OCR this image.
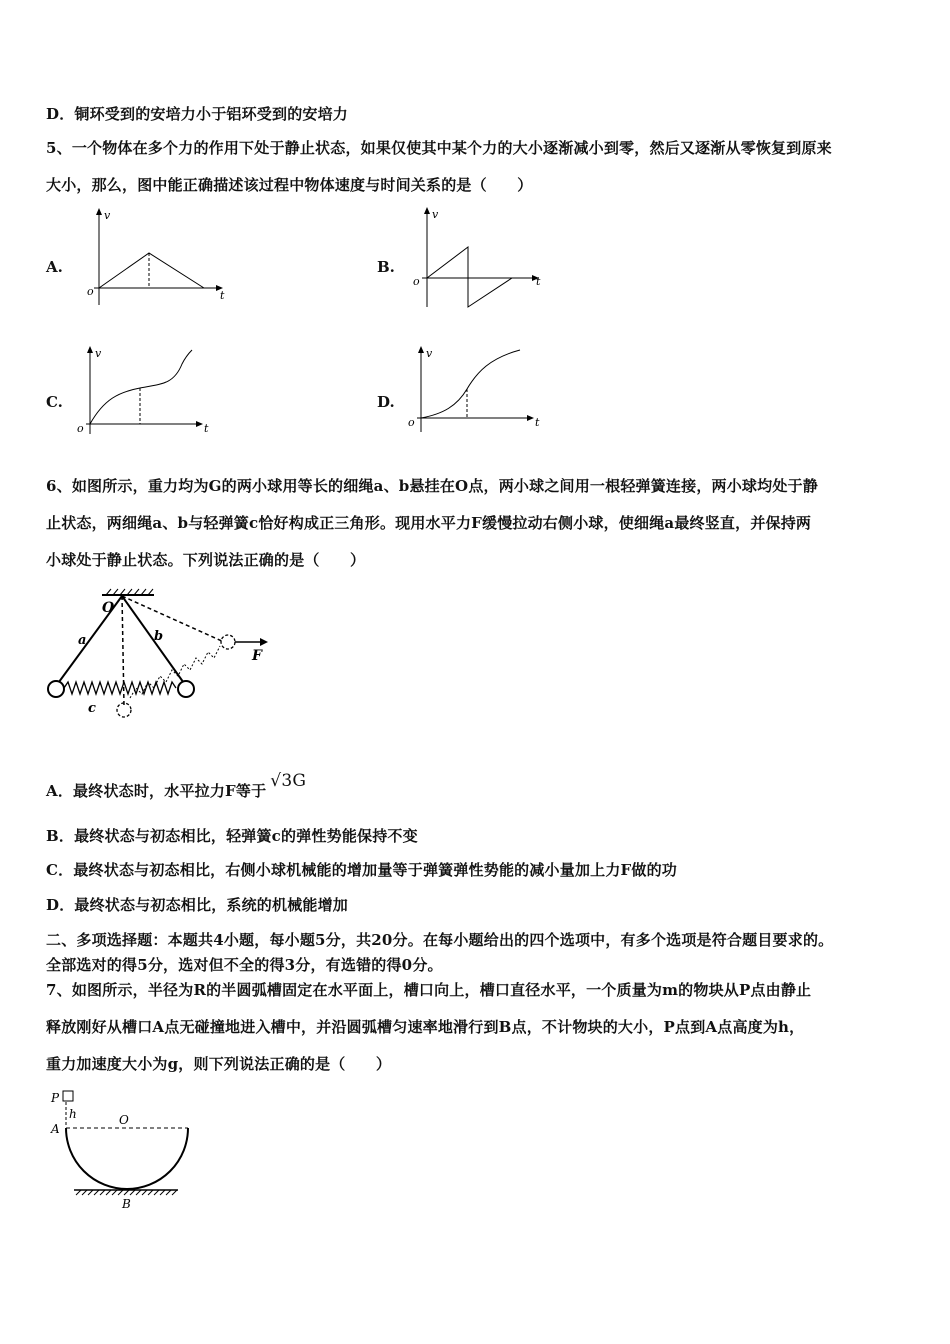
D．铜环受到的安培力小于铝环受到的安培力
5、一个物体在多个力的作用下处于静止状态，如果仅使其中某个力的大小逐渐减小到零，然后又逐渐从零恢复到原来
大小，那么，图中能正确描述该过程中物体速度与时间关系的是（　　）
A.	B.
C.	D.
v
t
o
v
t
o
v
t
o
v
t
o
6、如图所示，重力均为G的两小球用等长的细绳a、b悬挂在O点，两小球之间用一根轻弹簧连接，两小球均处于静
止状态，两细绳a、b与轻弹簧c恰好构成正三角形。现用水平力F缓慢拉动右侧小球，使细绳a最终竖直，并保持两
小球处于静止状态。下列说法正确的是（　　）
O
a	b
c
F
A．最终状态时，水平拉力F等于 √3G
B．最终状态与初态相比，轻弹簧c的弹性势能保持不变
C．最终状态与初态相比，右侧小球机械能的增加量等于弹簧弹性势能的减小量加上力F做的功
D．最终状态与初态相比，系统的机械能增加
二、多项选择题：本题共4小题，每小题5分，共20分。在每小题给出的四个选项中，有多个选项是符合题目要求的。
全部选对的得5分，选对但不全的得3分，有选错的得0分。
7、如图所示，半径为R的半圆弧槽固定在水平面上，槽口向上，槽口直径水平，一个质量为m的物块从P点由静止
释放刚好从槽口A点无碰撞地进入槽中，并沿圆弧槽匀速率地滑行到B点，不计物块的大小，P点到A点高度为h，
重力加速度大小为g，则下列说法正确的是（　　）
P
h	O
A
B
